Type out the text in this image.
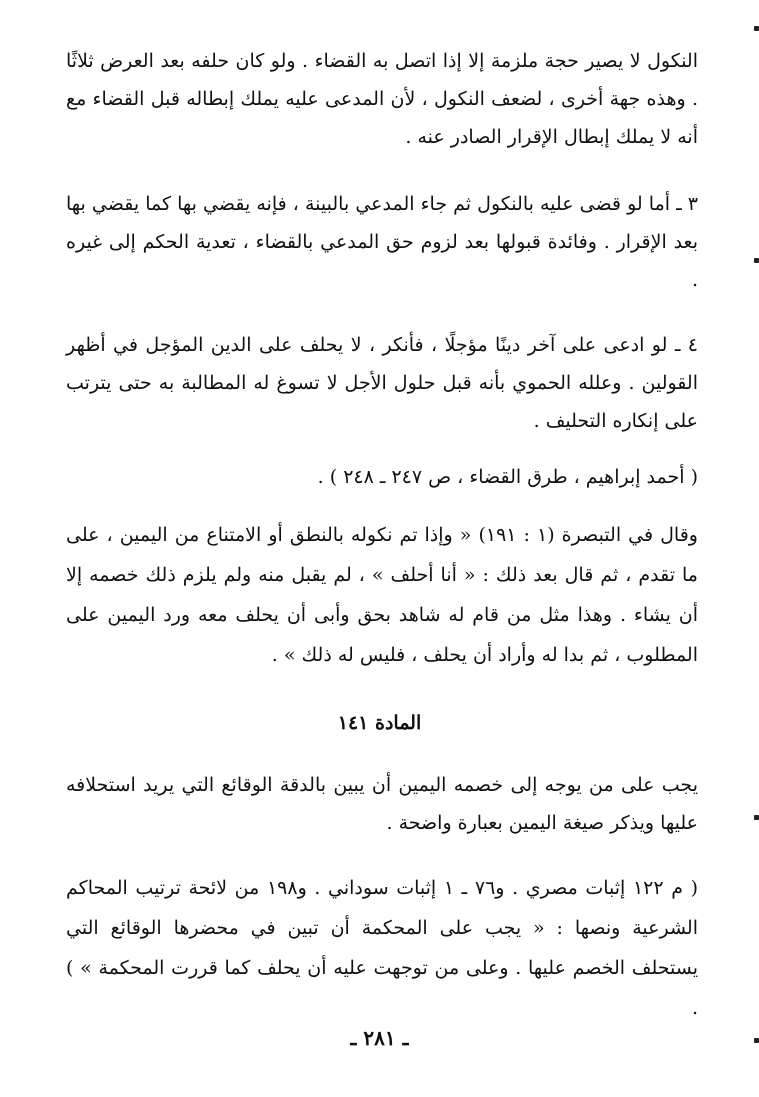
النكول لا يصير حجة ملزمة إلا إذا اتصل به القضاء . ولو كان حلفه بعد العرض ثلاثًا . وهذه جهة أخرى ، لضعف النكول ، لأن المدعى عليه يملك إبطاله قبل القضاء مع أنه لا يملك إبطال الإقرار الصادر عنه .

٣ ـ أما لو قضى عليه بالنكول ثم جاء المدعي بالبينة ، فإنه يقضي بها كما يقضي بها بعد الإقرار . وفائدة قبولها بعد لزوم حق المدعي بالقضاء ، تعدية الحكم إلى غيره .

٤ ـ لو ادعى على آخر دينًا مؤجلًا ، فأنكر ، لا يحلف على الدين المؤجل في أظهر القولين . وعلله الحموي بأنه قبل حلول الأجل لا تسوغ له المطالبة به حتى يترتب على إنكاره التحليف .

( أحمد إبراهيم ، طرق القضاء ، ص ٢٤٧ ـ ٢٤٨ ) .

وقال في التبصرة (١ : ١٩١) « وإذا تم نكوله بالنطق أو الامتناع من اليمين ، على ما تقدم ، ثم قال بعد ذلك : « أنا أحلف » ، لم يقبل منه ولم يلزم ذلك خصمه إلا أن يشاء . وهذا مثل من قام له شاهد بحق وأبى أن يحلف معه ورد اليمين على المطلوب ، ثم بدا له وأراد أن يحلف ، فليس له ذلك » .

المادة ١٤١

يجب على من يوجه إلى خصمه اليمين أن يبين بالدقة الوقائع التي يريد استحلافه عليها ويذكر صيغة اليمين بعبارة واضحة .

( م ١٢٢ إثبات مصري . و٧٦ ـ ١ إثبات سوداني . و١٩٨ من لائحة ترتيب المحاكم الشرعية ونصها : « يجب على المحكمة أن تبين في محضرها الوقائع التي يستحلف الخصم عليها . وعلى من توجهت عليه أن يحلف كما قررت المحكمة » ) .

ـ ٢٨١ ـ
